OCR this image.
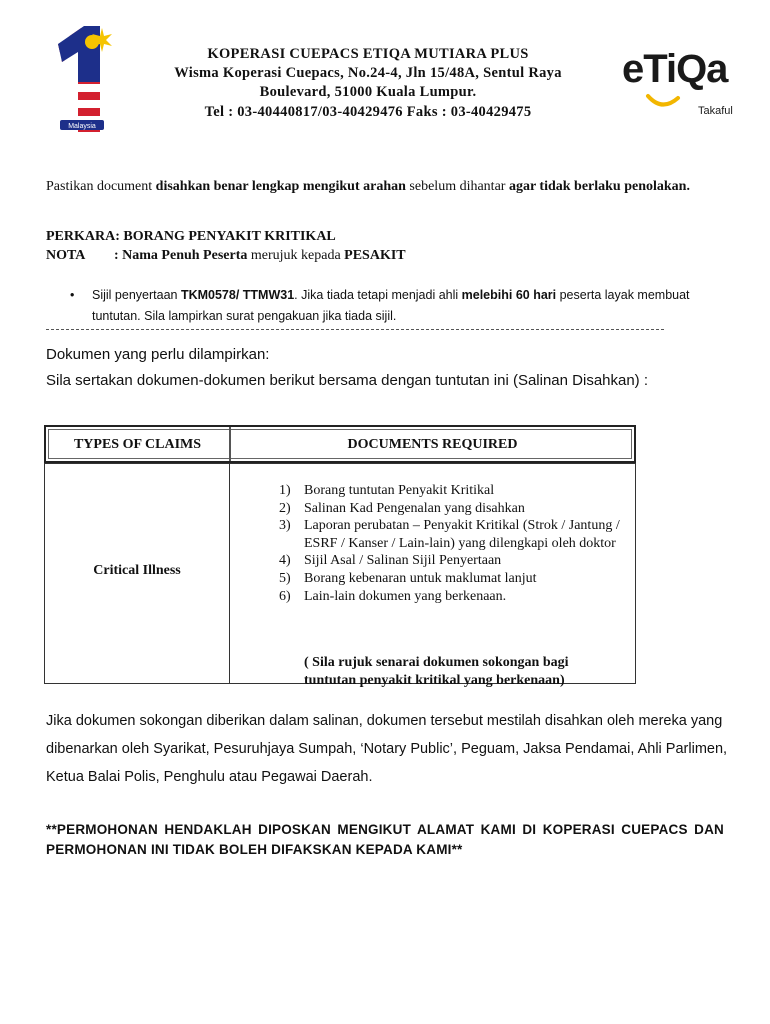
Malaysia
eTiQa
Takaful
KOPERASI CUEPACS ETIQA MUTIARA PLUS
Wisma Koperasi Cuepacs, No.24-4, Jln 15/48A, Sentul Raya
Boulevard, 51000 Kuala Lumpur.
Tel : 03-40440817/03-40429476 Faks : 03-40429475
Pastikan document disahkan benar lengkap mengikut arahan sebelum dihantar agar tidak berlaku penolakan.
PERKARA: BORANG PENYAKIT KRITIKAL
NOTA : Nama Penuh Peserta merujuk kepada PESAKIT
• Sijil penyertaan TKM0578/ TTMW31. Jika tiada tetapi menjadi ahli melebihi 60 hari peserta layak membuat tuntutan. Sila lampirkan surat pengakuan jika tiada sijil.
Dokumen yang perlu dilampirkan:
Sila sertakan dokumen-dokumen berikut bersama dengan tuntutan ini (Salinan Disahkan) :
TYPES OF CLAIMS	DOCUMENTS REQUIRED
Critical Illness
1) Borang tuntutan Penyakit Kritikal
2) Salinan Kad Pengenalan yang disahkan
3) Laporan perubatan – Penyakit Kritikal (Strok / Jantung / ESRF / Kanser / Lain-lain) yang dilengkapi oleh doktor
4) Sijil Asal / Salinan Sijil Penyertaan
5) Borang kebenaran untuk maklumat lanjut
6) Lain-lain dokumen yang berkenaan.
( Sila rujuk senarai dokumen sokongan bagi tuntutan penyakit kritikal yang berkenaan)
Jika dokumen sokongan diberikan dalam salinan, dokumen tersebut mestilah disahkan oleh mereka yang dibenarkan oleh Syarikat, Pesuruhjaya Sumpah, ‘Notary Public’, Peguam, Jaksa Pendamai, Ahli Parlimen, Ketua Balai Polis, Penghulu atau Pegawai Daerah.
**PERMOHONAN HENDAKLAH DIPOSKAN MENGIKUT ALAMAT KAMI DI KOPERASI CUEPACS DAN PERMOHONAN INI TIDAK BOLEH DIFAKSKAN KEPADA KAMI**
